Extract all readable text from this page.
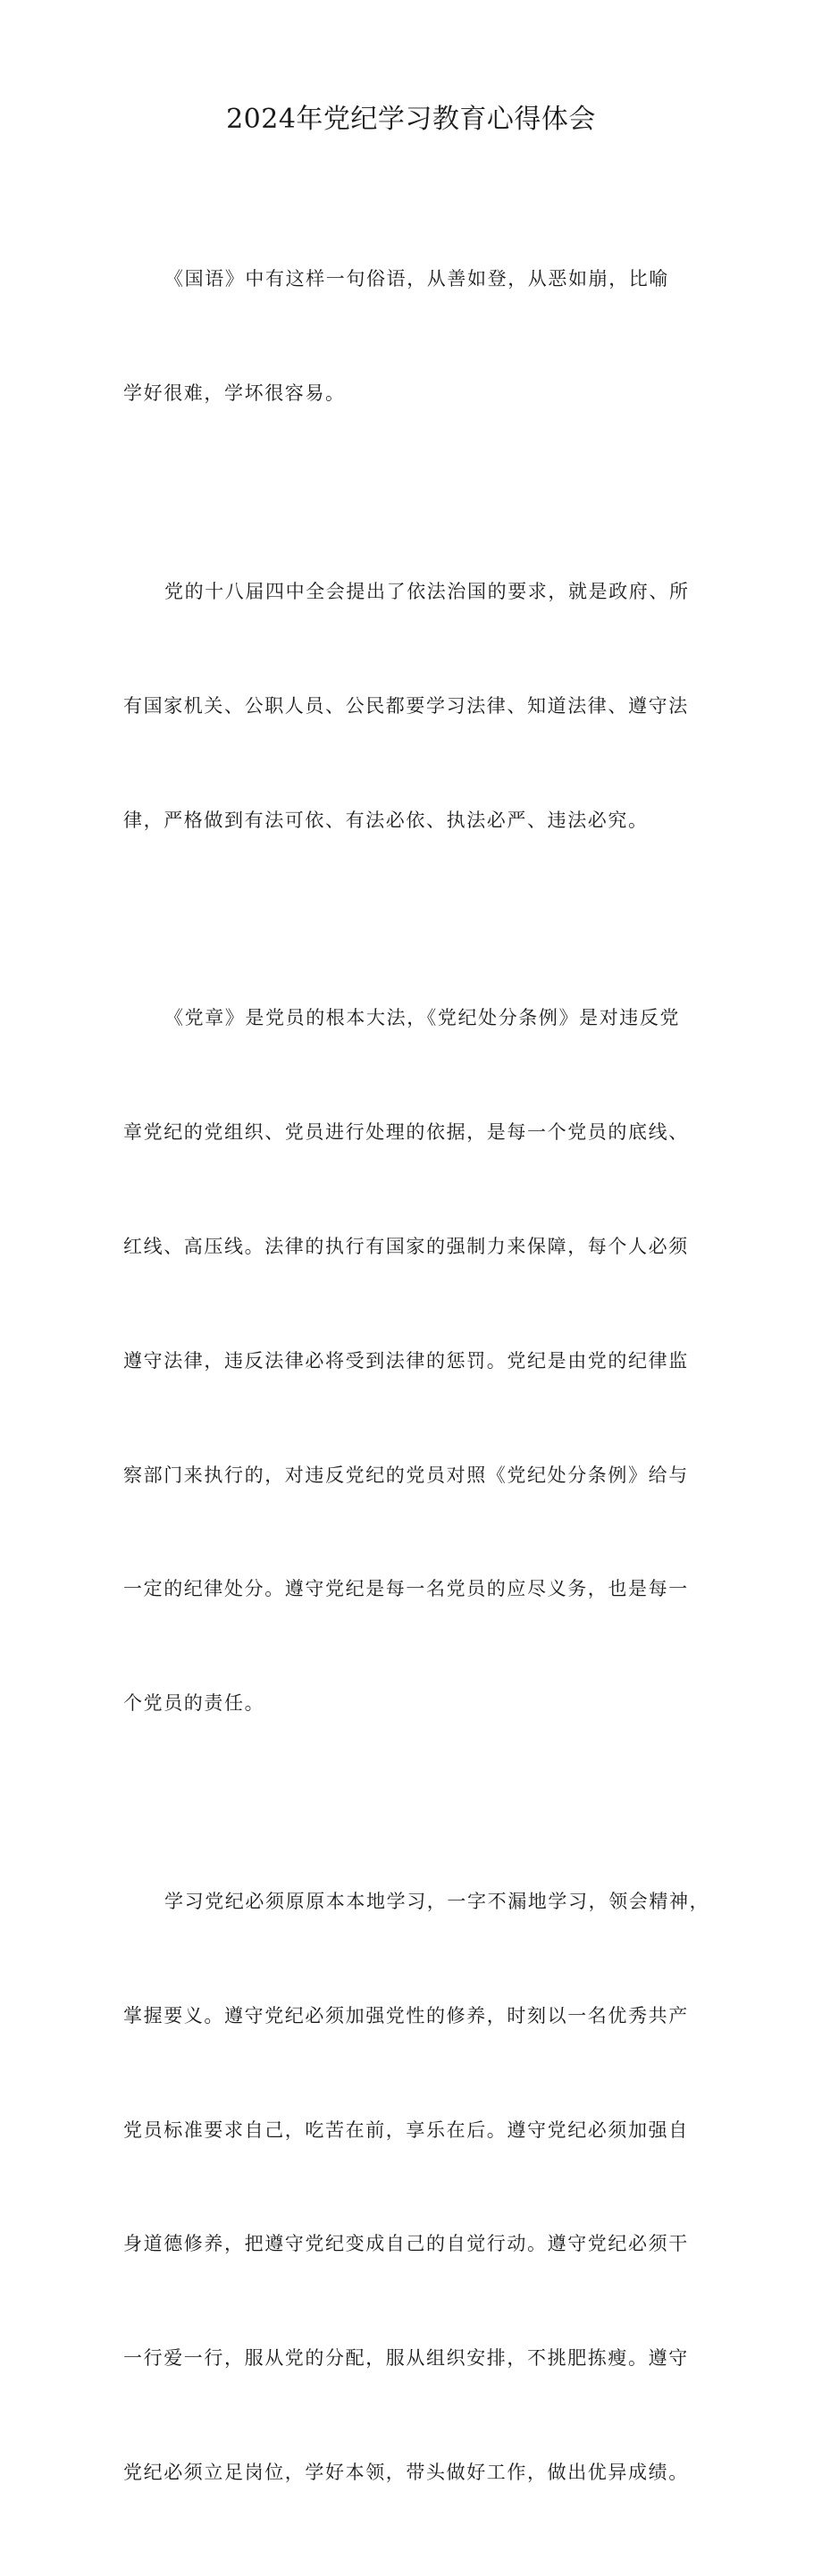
2024年党纪学习教育心得体会

《国语》中有这样一句俗语，从善如登，从恶如崩，比喻

学好很难，学坏很容易。

党的十八届四中全会提出了依法治国的要求，就是政府、所

有国家机关、公职人员、公民都要学习法律、知道法律、遵守法

律，严格做到有法可依、有法必依、执法必严、违法必究。

《党章》是党员的根本大法，《党纪处分条例》是对违反党

章党纪的党组织、党员进行处理的依据，是每一个党员的底线、

红线、高压线。法律的执行有国家的强制力来保障，每个人必须

遵守法律，违反法律必将受到法律的惩罚。党纪是由党的纪律监

察部门来执行的，对违反党纪的党员对照《党纪处分条例》给与

一定的纪律处分。遵守党纪是每一名党员的应尽义务，也是每一

个党员的责任。

学习党纪必须原原本本地学习，一字不漏地学习，领会精神，

掌握要义。遵守党纪必须加强党性的修养，时刻以一名优秀共产

党员标准要求自己，吃苦在前，享乐在后。遵守党纪必须加强自

身道德修养，把遵守党纪变成自己的自觉行动。遵守党纪必须干

一行爱一行，服从党的分配，服从组织安排，不挑肥拣瘦。遵守

党纪必须立足岗位，学好本领，带头做好工作，做出优异成绩。
